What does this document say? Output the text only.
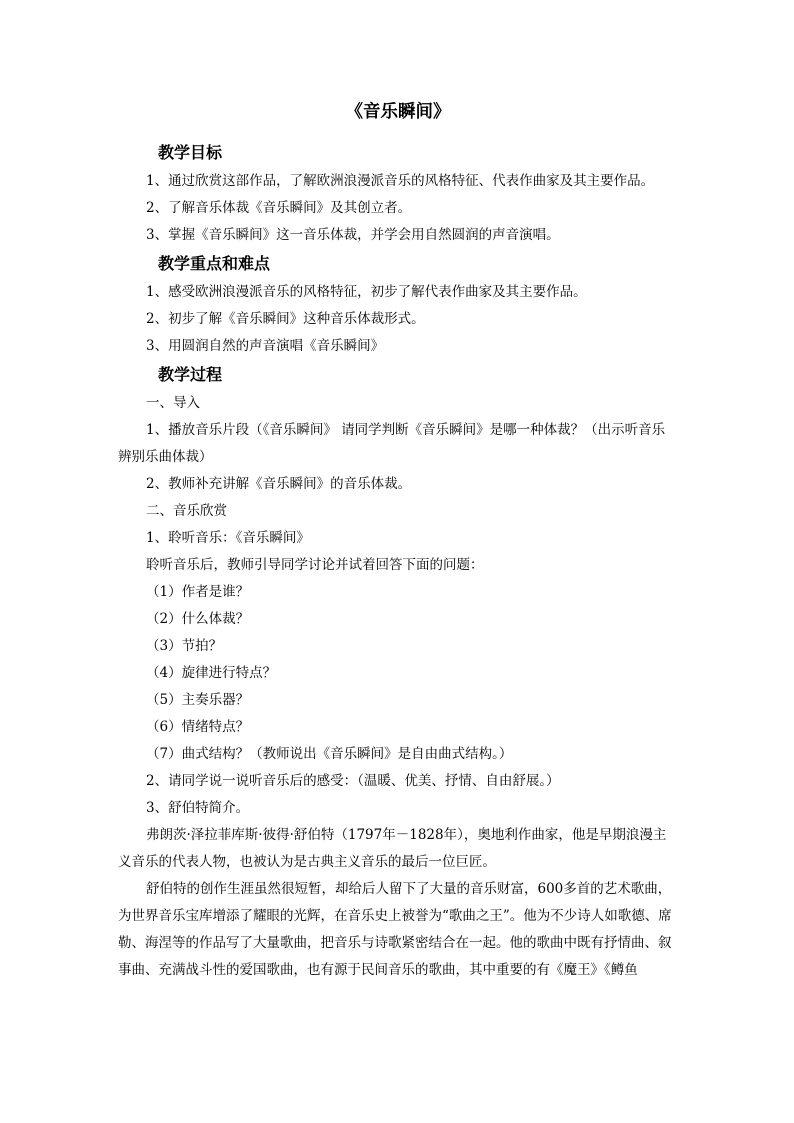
《音乐瞬间》
教学目标
1、通过欣赏这部作品，了解欧洲浪漫派音乐的风格特征、代表作曲家及其主要作品。
2、了解音乐体裁《音乐瞬间》及其创立者。
3、掌握《音乐瞬间》这一音乐体裁，并学会用自然圆润的声音演唱。
教学重点和难点
1、感受欧洲浪漫派音乐的风格特征，初步了解代表作曲家及其主要作品。
2、初步了解《音乐瞬间》这种音乐体裁形式。
3、用圆润自然的声音演唱《音乐瞬间》
教学过程
一、导入
1、播放音乐片段（《音乐瞬间》 请同学判断《音乐瞬间》是哪一种体裁？（出示听音乐辨别乐曲体裁）
2、教师补充讲解《音乐瞬间》的音乐体裁。
二、音乐欣赏
1、聆听音乐：《音乐瞬间》
聆听音乐后，教师引导同学讨论并试着回答下面的问题：
（1）作者是谁？
（2）什么体裁？
（3）节拍？
（4）旋律进行特点？
（5）主奏乐器？
（6）情绪特点？
（7）曲式结构？（教师说出《音乐瞬间》是自由曲式结构。）
2、请同学说一说听音乐后的感受：（温暖、优美、抒情、自由舒展。）
3、舒伯特简介。
弗朗茨·泽拉菲库斯·彼得·舒伯特（1797年－1828年），奥地利作曲家，他是早期浪漫主义音乐的代表人物，也被认为是古典主义音乐的最后一位巨匠。
舒伯特的创作生涯虽然很短暂，却给后人留下了大量的音乐财富，600多首的艺术歌曲，为世界音乐宝库增添了耀眼的光辉，在音乐史上被誉为“歌曲之王”。他为不少诗人如歌德、席勒、海涅等的作品写了大量歌曲，把音乐与诗歌紧密结合在一起。他的歌曲中既有抒情曲、叙事曲、充满战斗性的爱国歌曲，也有源于民间音乐的歌曲，其中重要的有《魔王》《鳟鱼
